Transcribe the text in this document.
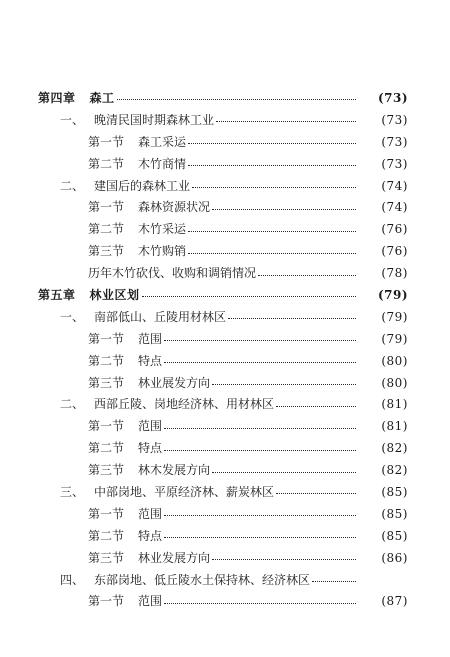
第四章 森工	(73)
一、 晚清民国时期森林工业	(73)
第一节 森工采运	(73)
第二节 木竹商情	(73)
二、 建国后的森林工业	(74)
第一节 森林资源状况	(74)
第二节 木竹采运	(76)
第三节 木竹购销	(76)
历年木竹砍伐、收购和调销情况	(78)
第五章 林业区划	(79)
一、 南部低山、丘陵用材林区	(79)
第一节 范围	(79)
第二节 特点	(80)
第三节 林业展发方向	(80)
二、 西部丘陵、岗地经济林、用材林区	(81)
第一节 范围	(81)
第二节 特点	(82)
第三节 林木发展方向	(82)
三、 中部岗地、平原经济林、薪炭林区	(85)
第一节 范围	(85)
第二节 特点	(85)
第三节 林业发展方向	(86)
四、 东部岗地、低丘陵水土保持林、经济林区
第一节 范围	(87)
